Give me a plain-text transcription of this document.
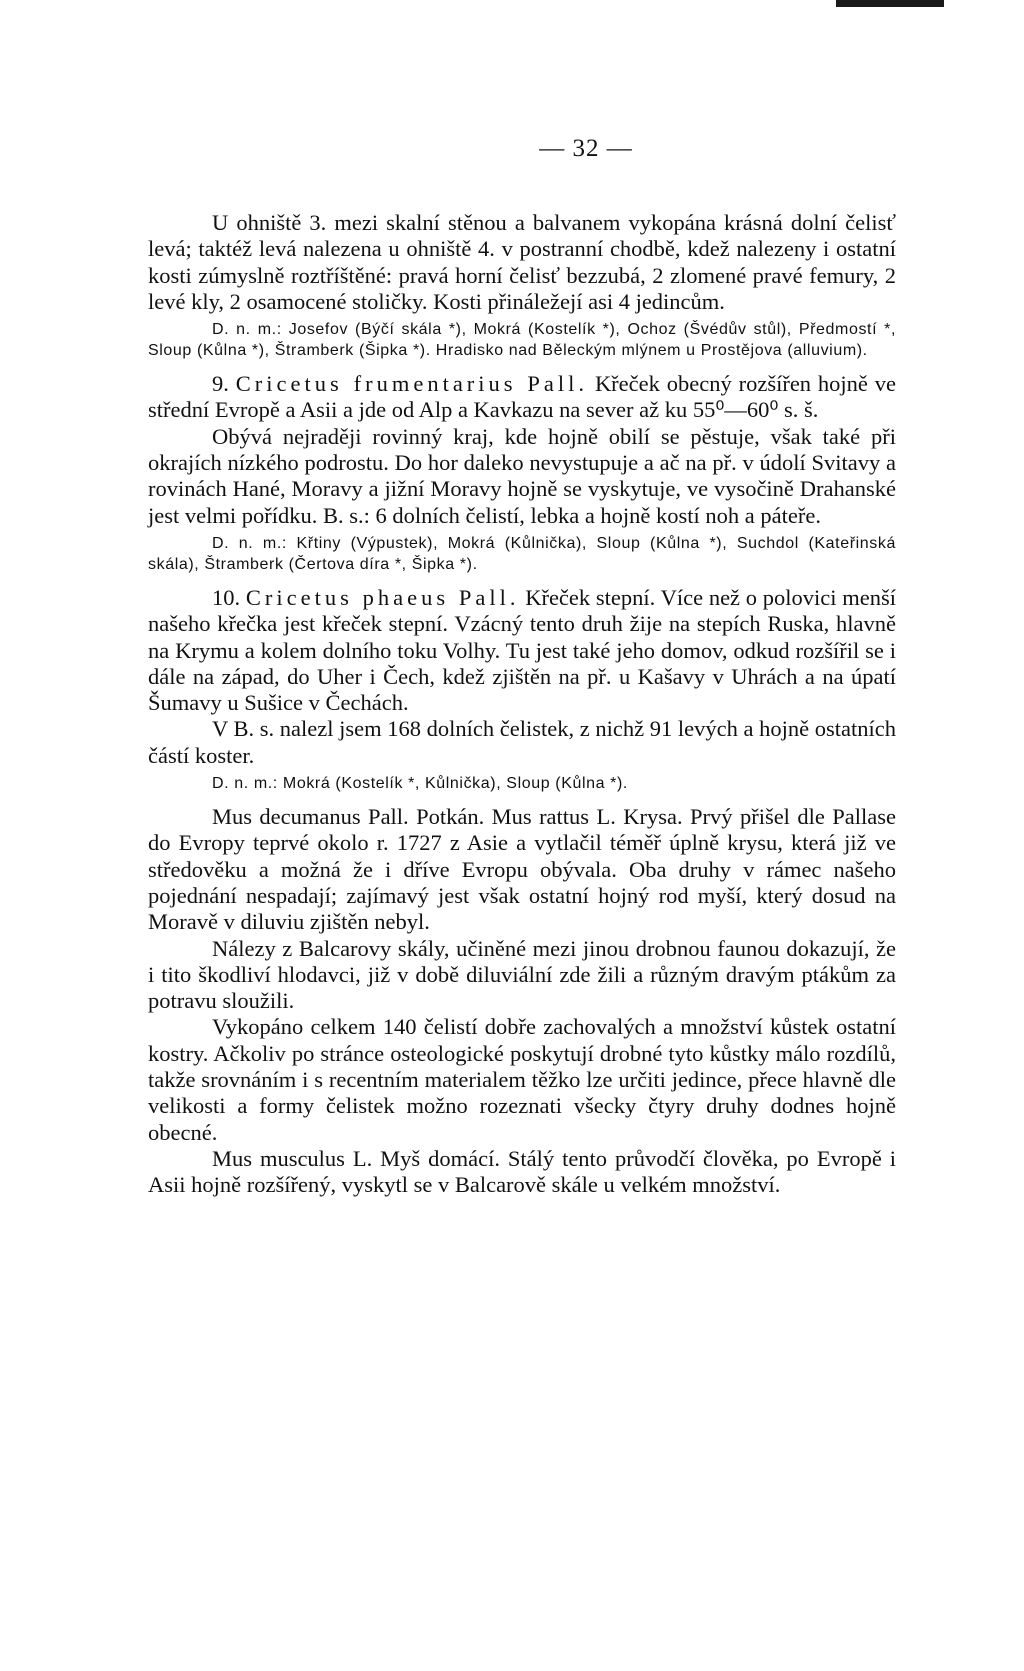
— 32 —

U ohniště 3. mezi skalní stěnou a balvanem vykopána krásná dolní čelisť levá; taktéž levá nalezena u ohniště 4. v postranní chodbě, kdež nalezeny i ostatní kosti zúmyslně roztříštěné: pravá horní čelisť bezzubá, 2 zlomené pravé femury, 2 levé kly, 2 osamocené stoličky. Kosti přináležejí asi 4 jedincům.

D. n. m.: Josefov (Býčí skála *), Mokrá (Kostelík *), Ochoz (Švédův stůl), Předmostí *, Sloup (Kůlna *), Štramberk (Šipka *). Hradisko nad Běleckým mlýnem u Prostějova (alluvium).

9. Cricetus frumentarius Pall. Křeček obecný rozšířen hojně ve střední Evropě a Asii a jde od Alp a Kavkazu na sever až ku 55⁰—60⁰ s. š.

Obývá nejraději rovinný kraj, kde hojně obilí se pěstuje, však také při okrajích nízkého podrostu. Do hor daleko nevystupuje a ač na př. v údolí Svitavy a rovinách Hané, Moravy a jižní Moravy hojně se vyskytuje, ve vysočině Drahanské jest velmi pořídku. B. s.: 6 dolních čelistí, lebka a hojně kostí noh a páteře.

D. n. m.: Křtiny (Výpustek), Mokrá (Kůlnička), Sloup (Kůlna *), Suchdol (Kateřinská skála), Štramberk (Čertova díra *, Šipka *).

10. Cricetus phaeus Pall. Křeček stepní. Více než o polovici menší našeho křečka jest křeček stepní. Vzácný tento druh žije na stepích Ruska, hlavně na Krymu a kolem dolního toku Volhy. Tu jest také jeho domov, odkud rozšířil se i dále na západ, do Uher i Čech, kdež zjištěn na př. u Kašavy v Uhrách a na úpatí Šumavy u Sušice v Čechách.

V B. s. nalezl jsem 168 dolních čelistek, z nichž 91 levých a hojně ostatních částí koster.

D. n. m.: Mokrá (Kostelík *, Kůlnička), Sloup (Kůlna *).

Mus decumanus Pall. Potkán. Mus rattus L. Krysa. Prvý přišel dle Pallase do Evropy teprvé okolo r. 1727 z Asie a vytlačil téměř úplně krysu, která již ve středověku a možná že i dříve Evropu obývala. Oba druhy v rámec našeho pojednání nespadají; zajímavý jest však ostatní hojný rod myší, který dosud na Moravě v diluviu zjištěn nebyl.

Nálezy z Balcarovy skály, učiněné mezi jinou drobnou faunou dokazují, že i tito škodliví hlodavci, již v době diluviální zde žili a různým dravým ptákům za potravu sloužili.

Vykopáno celkem 140 čelistí dobře zachovalých a množství kůstek ostatní kostry. Ačkoliv po stránce osteologické poskytují drobné tyto kůstky málo rozdílů, takže srovnáním i s recentním materialem těžko lze určiti jedince, přece hlavně dle velikosti a formy čelistek možno rozeznati všecky čtyry druhy dodnes hojně obecné.

Mus musculus L. Myš domácí. Stálý tento průvodčí člověka, po Evropě i Asii hojně rozšířený, vyskytl se v Balcarově skále u velkém množství.
